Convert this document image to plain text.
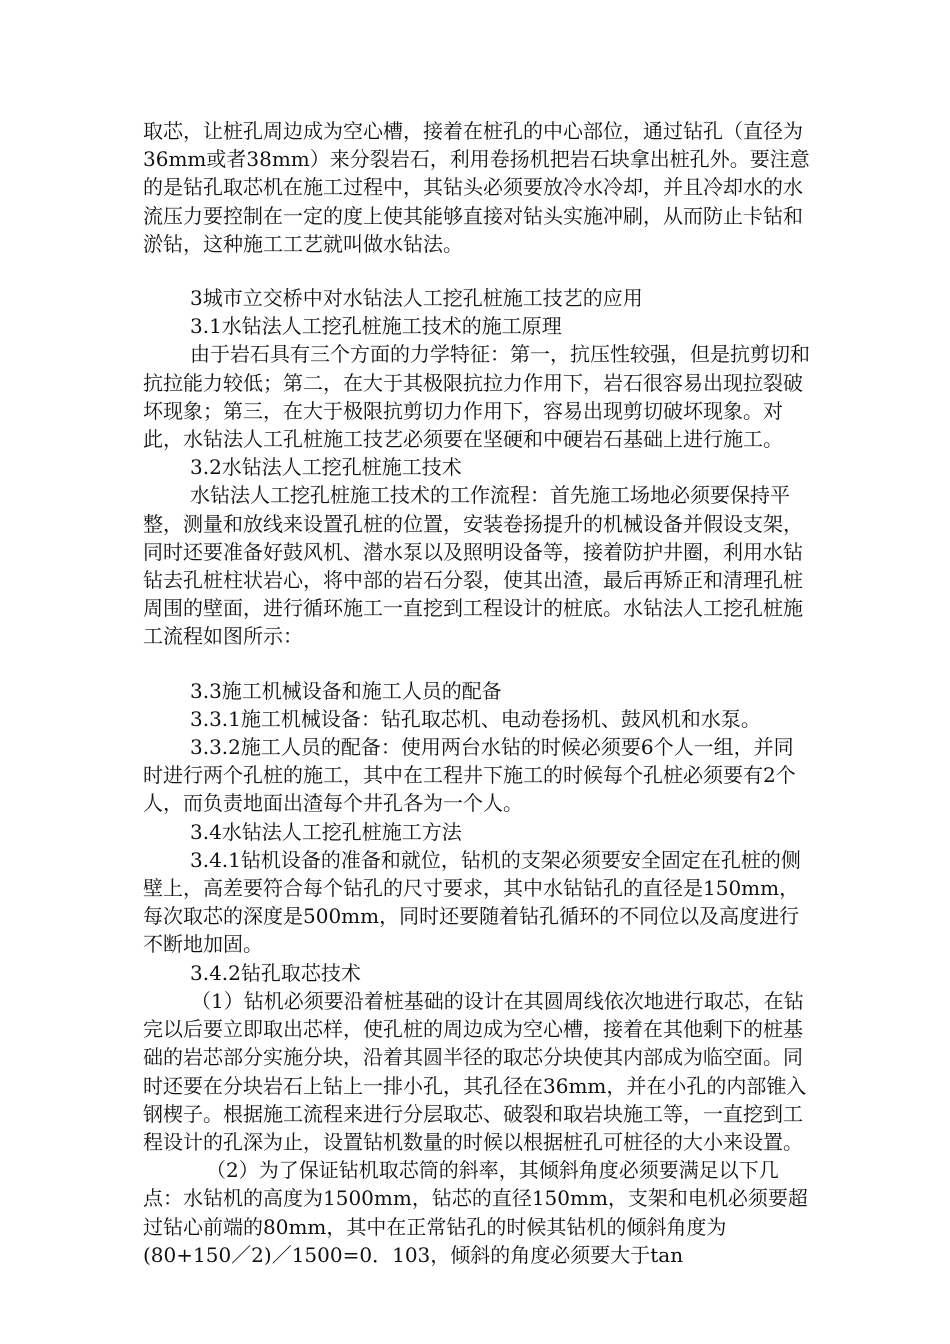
取芯，让桩孔周边成为空心槽，接着在桩孔的中心部位，通过钻孔（直径为36mm或者38mm）来分裂岩石，利用卷扬机把岩石块拿出桩孔外。要注意的是钻孔取芯机在施工过程中，其钻头必须要放冷水冷却，并且冷却水的水流压力要控制在一定的度上使其能够直接对钻头实施冲刷，从而防止卡钻和淤钻，这种施工工艺就叫做水钻法。

3城市立交桥中对水钻法人工挖孔桩施工技艺的应用

3.1水钻法人工挖孔桩施工技术的施工原理

由于岩石具有三个方面的力学特征：第一，抗压性较强，但是抗剪切和抗拉能力较低；第二，在大于其极限抗拉力作用下，岩石很容易出现拉裂破坏现象；第三，在大于极限抗剪切力作用下，容易出现剪切破坏现象。对此，水钻法人工孔桩施工技艺必须要在坚硬和中硬岩石基础上进行施工。

3.2水钻法人工挖孔桩施工技术

水钻法人工挖孔桩施工技术的工作流程：首先施工场地必须要保持平整，测量和放线来设置孔桩的位置，安装卷扬提升的机械设备并假设支架，同时还要准备好鼓风机、潜水泵以及照明设备等，接着防护井圈，利用水钻钻去孔桩柱状岩心，将中部的岩石分裂，使其出渣，最后再矫正和清理孔桩周围的壁面，进行循环施工一直挖到工程设计的桩底。水钻法人工挖孔桩施工流程如图所示：

3.3施工机械设备和施工人员的配备

3.3.1施工机械设备：钻孔取芯机、电动卷扬机、鼓风机和水泵。

3.3.2施工人员的配备：使用两台水钻的时候必须要6个人一组，并同时进行两个孔桩的施工，其中在工程井下施工的时候每个孔桩必须要有2个人，而负责地面出渣每个井孔各为一个人。

3.4水钻法人工挖孔桩施工方法

3.4.1钻机设备的准备和就位，钻机的支架必须要安全固定在孔桩的侧壁上，高差要符合每个钻孔的尺寸要求，其中水钻钻孔的直径是150mm，每次取芯的深度是500mm，同时还要随着钻孔循环的不同位以及高度进行不断地加固。

3.4.2钻孔取芯技术

（1）钻机必须要沿着桩基础的设计在其圆周线依次地进行取芯，在钻完以后要立即取出芯样，使孔桩的周边成为空心槽，接着在其他剩下的桩基础的岩芯部分实施分块，沿着其圆半径的取芯分块使其内部成为临空面。同时还要在分块岩石上钻上一排小孔，其孔径在36mm，并在小孔的内部锥入钢楔子。根据施工流程来进行分层取芯、破裂和取岩块施工等，一直挖到工程设计的孔深为止，设置钻机数量的时候以根据桩孔可桩径的大小来设置。

（2）为了保证钻机取芯筒的斜率，其倾斜角度必须要满足以下几点：水钻机的高度为1500mm，钻芯的直径150mm，支架和电机必须要超过钻心前端的80mm，其中在正常钻孔的时候其钻机的倾斜角度为(80+150／2)／1500=0．103，倾斜的角度必须要大于tan
